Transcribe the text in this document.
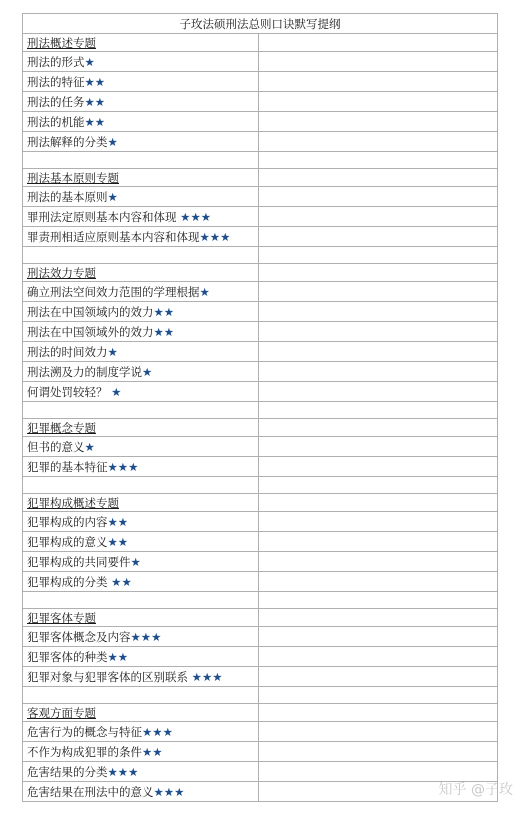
子玫法硕刑法总则口诀默写提纲	
刑法概述专题	
刑法的形式★	
刑法的特征★★	
刑法的任务★★	
刑法的机能★★	
刑法解释的分类★	

刑法基本原则专题	
刑法的基本原则★	
罪刑法定原则基本内容和体现 ★★★	
罪责刑相适应原则基本内容和体现★★★	

刑法效力专题	
确立刑法空间效力范围的学理根据★	
刑法在中国领域内的效力★★	
刑法在中国领域外的效力★★	
刑法的时间效力★	
刑法溯及力的制度学说★	
何谓处罚较轻？ ★	

犯罪概念专题	
但书的意义★	
犯罪的基本特征★★★	

犯罪构成概述专题	
犯罪构成的内容★★	
犯罪构成的意义★★	
犯罪构成的共同要件★	
犯罪构成的分类 ★★	

犯罪客体专题	
犯罪客体概念及内容★★★	
犯罪客体的种类★★	
犯罪对象与犯罪客体的区别联系 ★★★	

客观方面专题	
危害行为的概念与特征★★★	
不作为构成犯罪的条件★★	
危害结果的分类★★★	
危害结果在刑法中的意义★★★		知乎 @子玫
